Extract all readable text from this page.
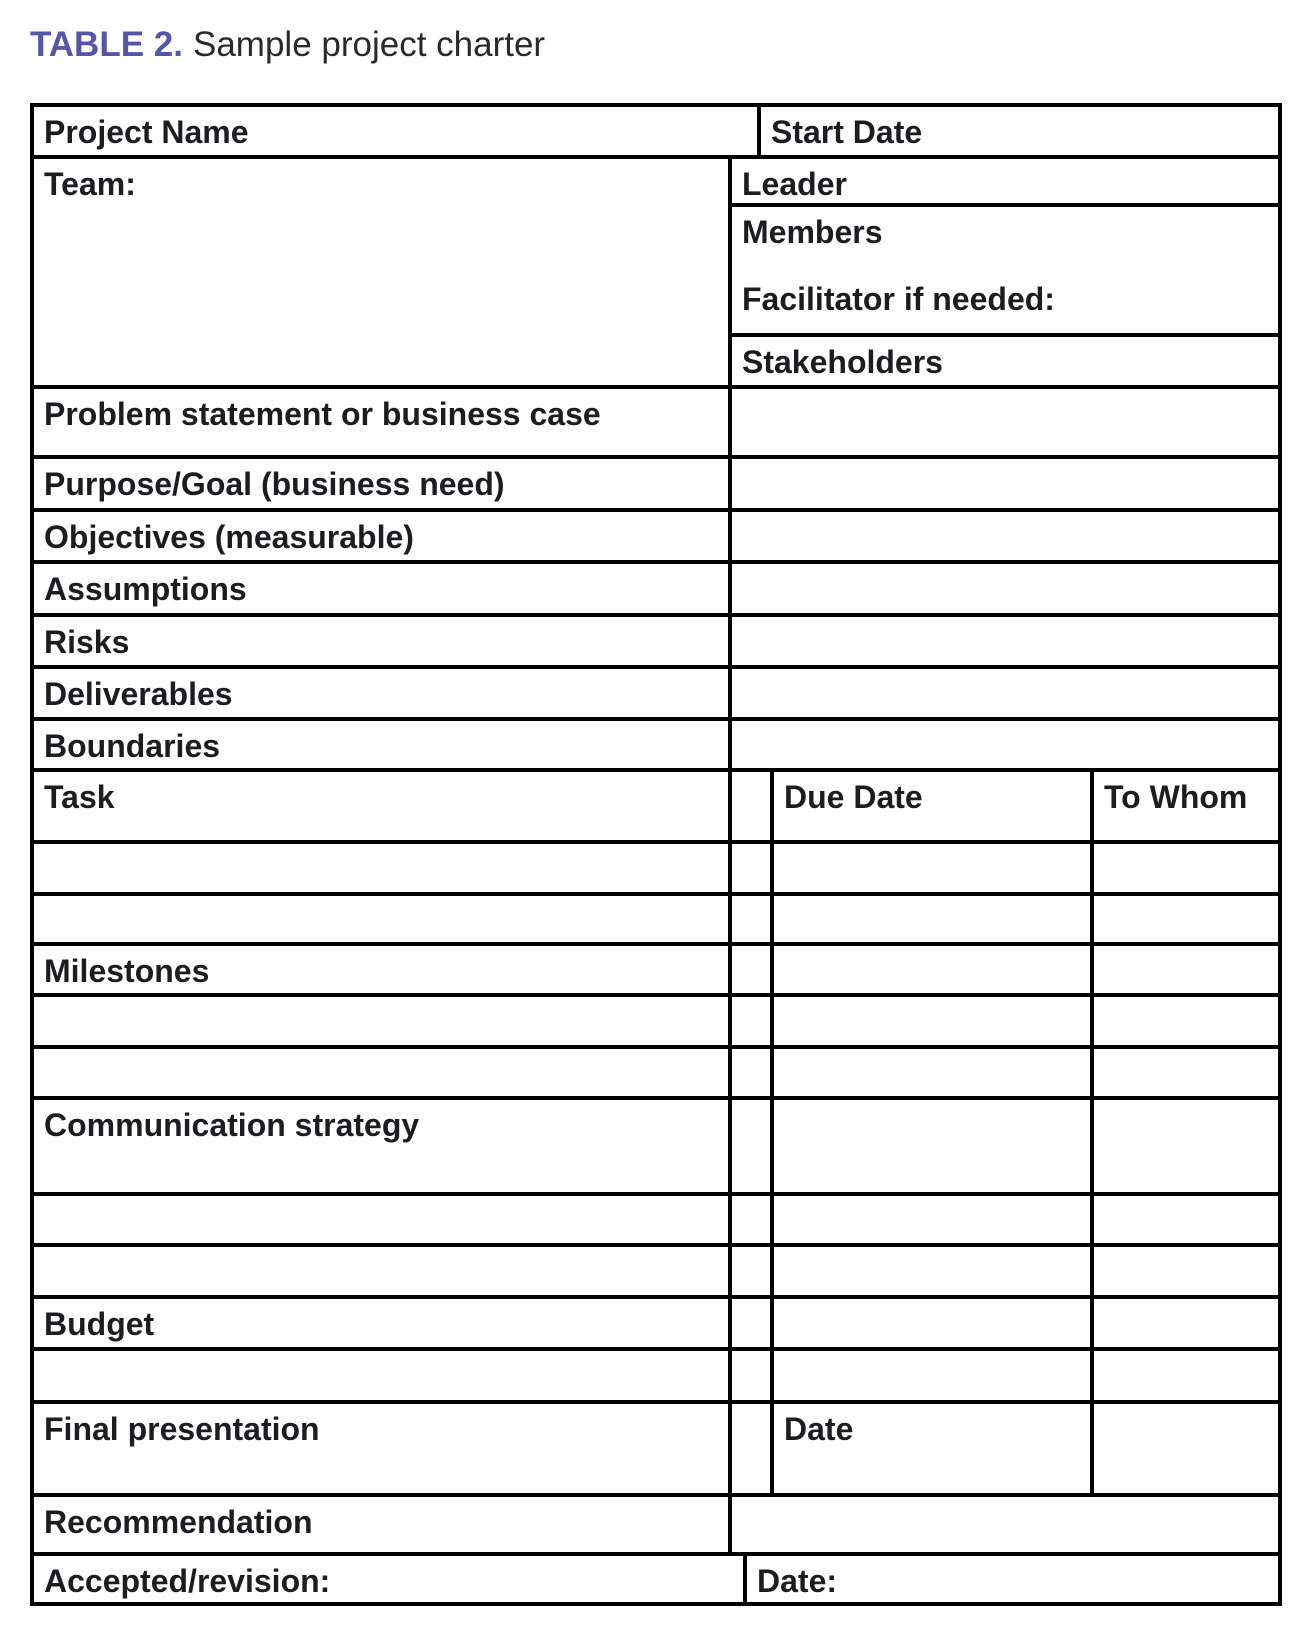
TABLE 2. Sample project charter
Project Name	Start Date
Team:	Leader
Members
Facilitator if needed:
Stakeholders
Problem statement or business case
Purpose/Goal (business need)
Objectives (measurable)
Assumptions
Risks
Deliverables
Boundaries
Task	Due Date	To Whom
Milestones
Communication strategy
Budget
Final presentation	Date
Recommendation
Accepted/revision:	Date:
